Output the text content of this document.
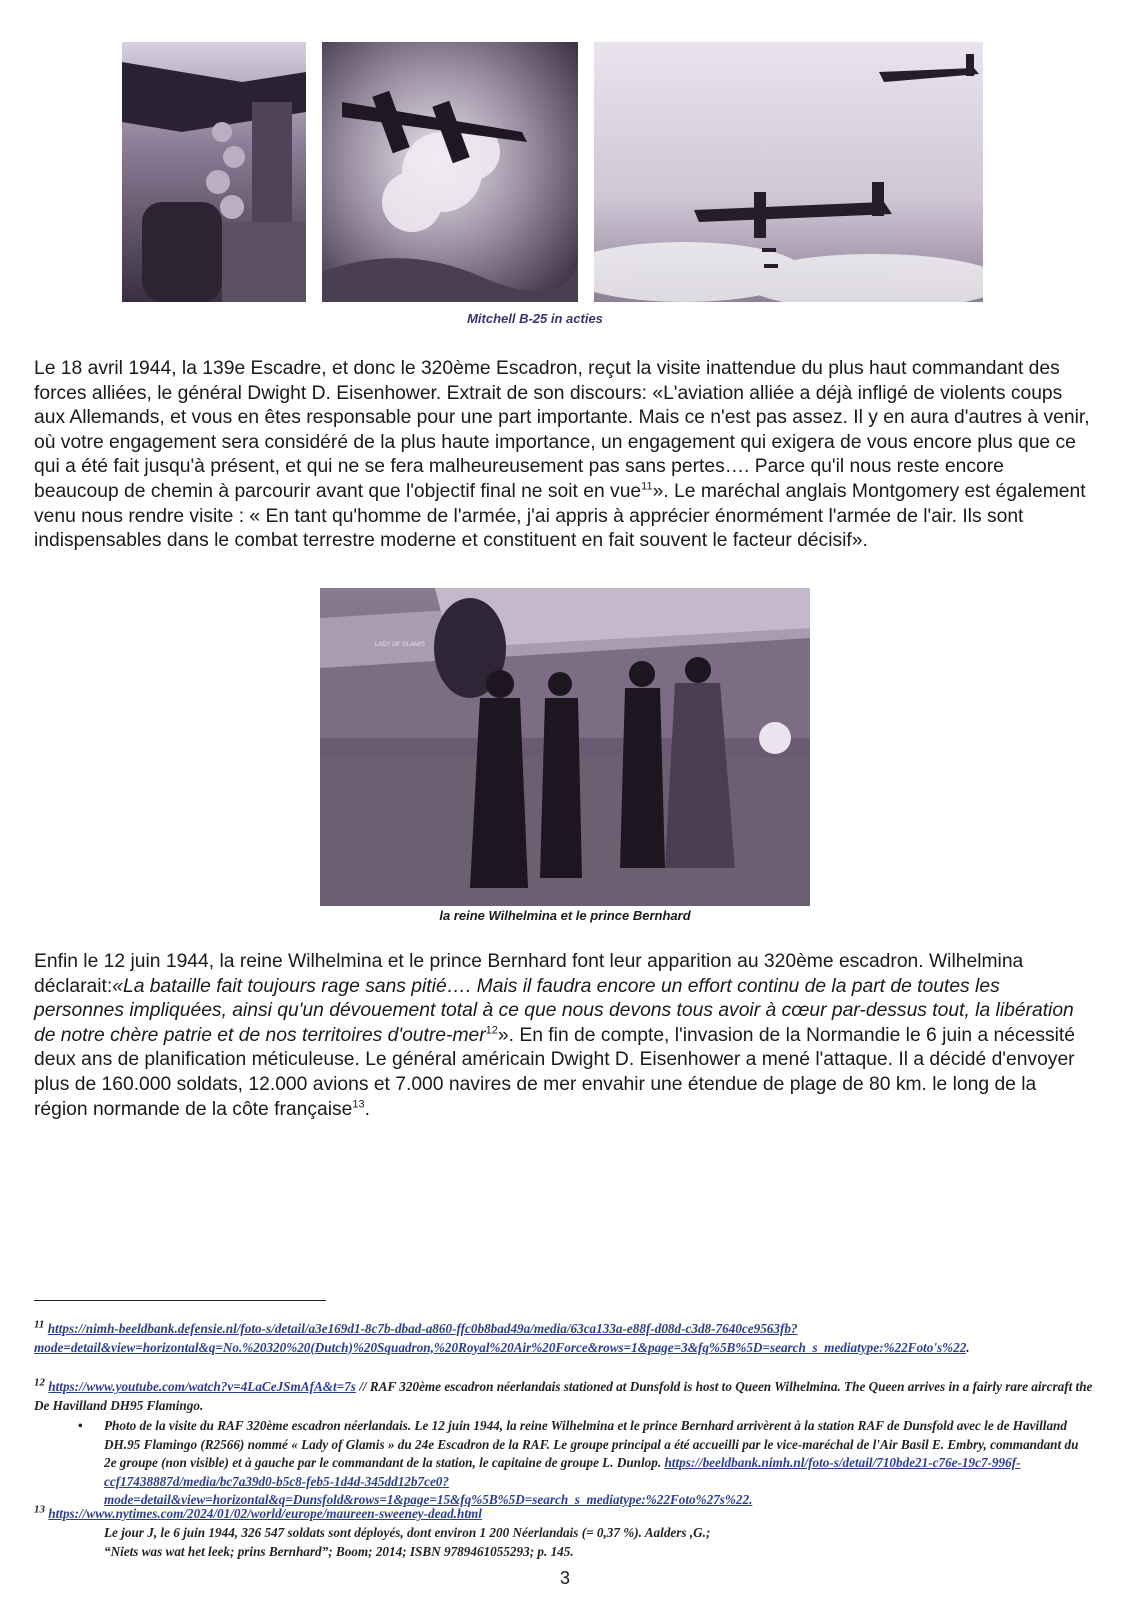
Mitchell B-25 in acties

Le 18 avril 1944, la 139e Escadre, et donc le 320ème Escadron, reçut la visite inattendue du plus haut commandant des forces alliées, le général Dwight D. Eisenhower. Extrait de son discours: «L'aviation alliée a déjà infligé de violents coups aux Allemands, et vous en êtes responsable pour une part importante. Mais ce n'est pas assez. Il y en aura d'autres à venir, où votre engagement sera considéré de la plus haute importance, un engagement qui exigera de vous encore plus que ce qui a été fait jusqu'à présent, et qui ne se fera malheureusement pas sans pertes…. Parce qu'il nous reste encore beaucoup de chemin à parcourir avant que l'objectif final ne soit en vue$^{11}$». Le maréchal anglais Montgomery est également venu nous rendre visite : « En tant qu'homme de l'armée, j'ai appris à apprécier énormément l'armée de l'air. Ils sont indispensables dans le combat terrestre moderne et constituent en fait souvent le facteur décisif».

LADY OF GLAMIS
la reine Wilhelmina et le prince Bernhard

Enfin le 12 juin 1944, la reine Wilhelmina et le prince Bernhard font leur apparition au 320ème escadron. Wilhelmina déclarait:«La bataille fait toujours rage sans pitié…. Mais il faudra encore un effort continu de la part de toutes les personnes impliquées, ainsi qu'un dévouement total à ce que nous devons tous avoir à cœur par-dessus tout, la libération de notre chère patrie et de nos territoires d'outre-mer$^{12}$». En fin de compte, l'invasion de la Normandie le 6 juin a nécessité deux ans de planification méticuleuse. Le général américain Dwight D. Eisenhower a mené l'attaque. Il a décidé d'envoyer plus de 160.000 soldats, 12.000 avions et 7.000 navires de mer envahir une étendue de plage de 80 km. le long de la région normande de la côte française$^{13}$.

$^{11}$ https://nimh-beeldbank.defensie.nl/foto-s/detail/a3e169d1-8c7b-dbad-a860-ffc0b8bad49a/media/63ca133a-e88f-d08d-c3d8-7640ce9563fb?mode=detail&view=horizontal&q=No.%20320%20(Dutch)%20Squadron,%20Royal%20Air%20Force&rows=1&page=3&fq%5B%5D=search_s_mediatype:%22Foto's%22.
$^{12}$ https://www.youtube.com/watch?v=4LaCeJSmAfA&t=7s // RAF 320ème escadron néerlandais stationed at Dunsfold is host to Queen Wilhelmina. The Queen arrives in a fairly rare aircraft the De Havilland DH95 Flamingo.
• Photo de la visite du RAF 320ème escadron néerlandais. Le 12 juin 1944, la reine Wilhelmina et le prince Bernhard arrivèrent à la station RAF de Dunsfold avec le de Havilland DH.95 Flamingo (R2566) nommé « Lady of Glamis » du 24e Escadron de la RAF. Le groupe principal a été accueilli par le vice-maréchal de l'Air Basil E. Embry, commandant du 2e groupe (non visible) et à gauche par le commandant de la station, le capitaine de groupe L. Dunlop. https://beeldbank.nimh.nl/foto-s/detail/710bde21-c76e-19c7-996f-ccf17438887d/media/bc7a39d0-b5c8-feb5-1d4d-345dd12b7ce0?mode=detail&view=horizontal&q=Dunsfold&rows=1&page=15&fq%5B%5D=search_s_mediatype:%22Foto%27s%22.
$^{13}$ https://www.nytimes.com/2024/01/02/world/europe/maureen-sweeney-dead.html
Le jour J, le 6 juin 1944, 326 547 soldats sont déployés, dont environ 1 200 Néerlandais (= 0,37 %). Aalders ,G.;
“Niets was wat het leek; prins Bernhard”; Boom; 2014; ISBN 9789461055293; p. 145.
3
